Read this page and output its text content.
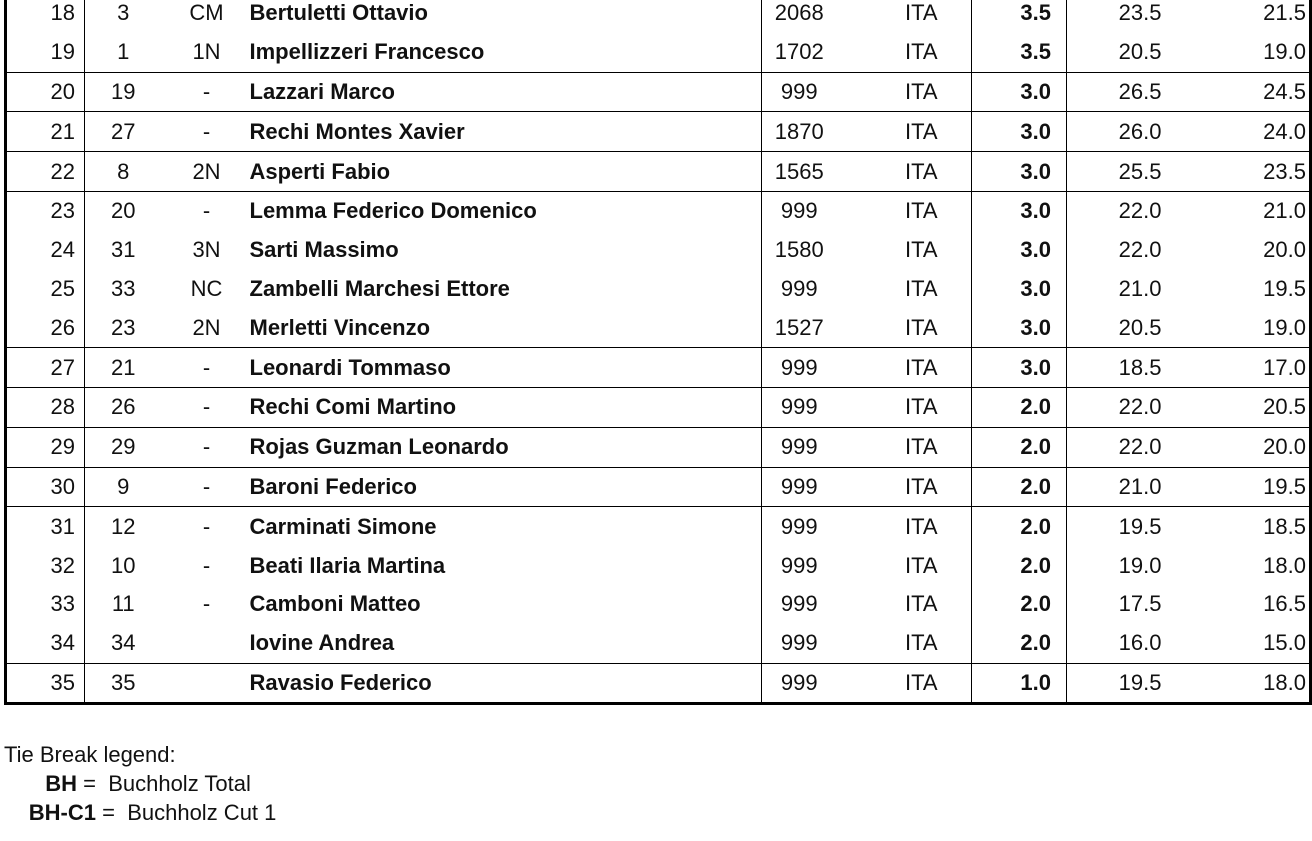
18	3	CM	Bertuletti Ottavio	2068	ITA	3.5	23.5	21.5
19	1	1N	Impellizzeri Francesco	1702	ITA	3.5	20.5	19.0
20	19	-	Lazzari Marco	999	ITA	3.0	26.5	24.5
21	27	-	Rechi Montes Xavier	1870	ITA	3.0	26.0	24.0
22	8	2N	Asperti Fabio	1565	ITA	3.0	25.5	23.5
23	20	-	Lemma Federico Domenico	999	ITA	3.0	22.0	21.0
24	31	3N	Sarti Massimo	1580	ITA	3.0	22.0	20.0
25	33	NC	Zambelli Marchesi Ettore	999	ITA	3.0	21.0	19.5
26	23	2N	Merletti Vincenzo	1527	ITA	3.0	20.5	19.0
27	21	-	Leonardi Tommaso	999	ITA	3.0	18.5	17.0
28	26	-	Rechi Comi Martino	999	ITA	2.0	22.0	20.5
29	29	-	Rojas Guzman Leonardo	999	ITA	2.0	22.0	20.0
30	9	-	Baroni Federico	999	ITA	2.0	21.0	19.5
31	12	-	Carminati Simone	999	ITA	2.0	19.5	18.5
32	10	-	Beati Ilaria Martina	999	ITA	2.0	19.0	18.0
33	11	-	Camboni Matteo	999	ITA	2.0	17.5	16.5
34	34		Iovine Andrea	999	ITA	2.0	16.0	15.0
35	35		Ravasio Federico	999	ITA	1.0	19.5	18.0
Tie Break legend:
BH =  Buchholz Total
BH-C1 =  Buchholz Cut 1
